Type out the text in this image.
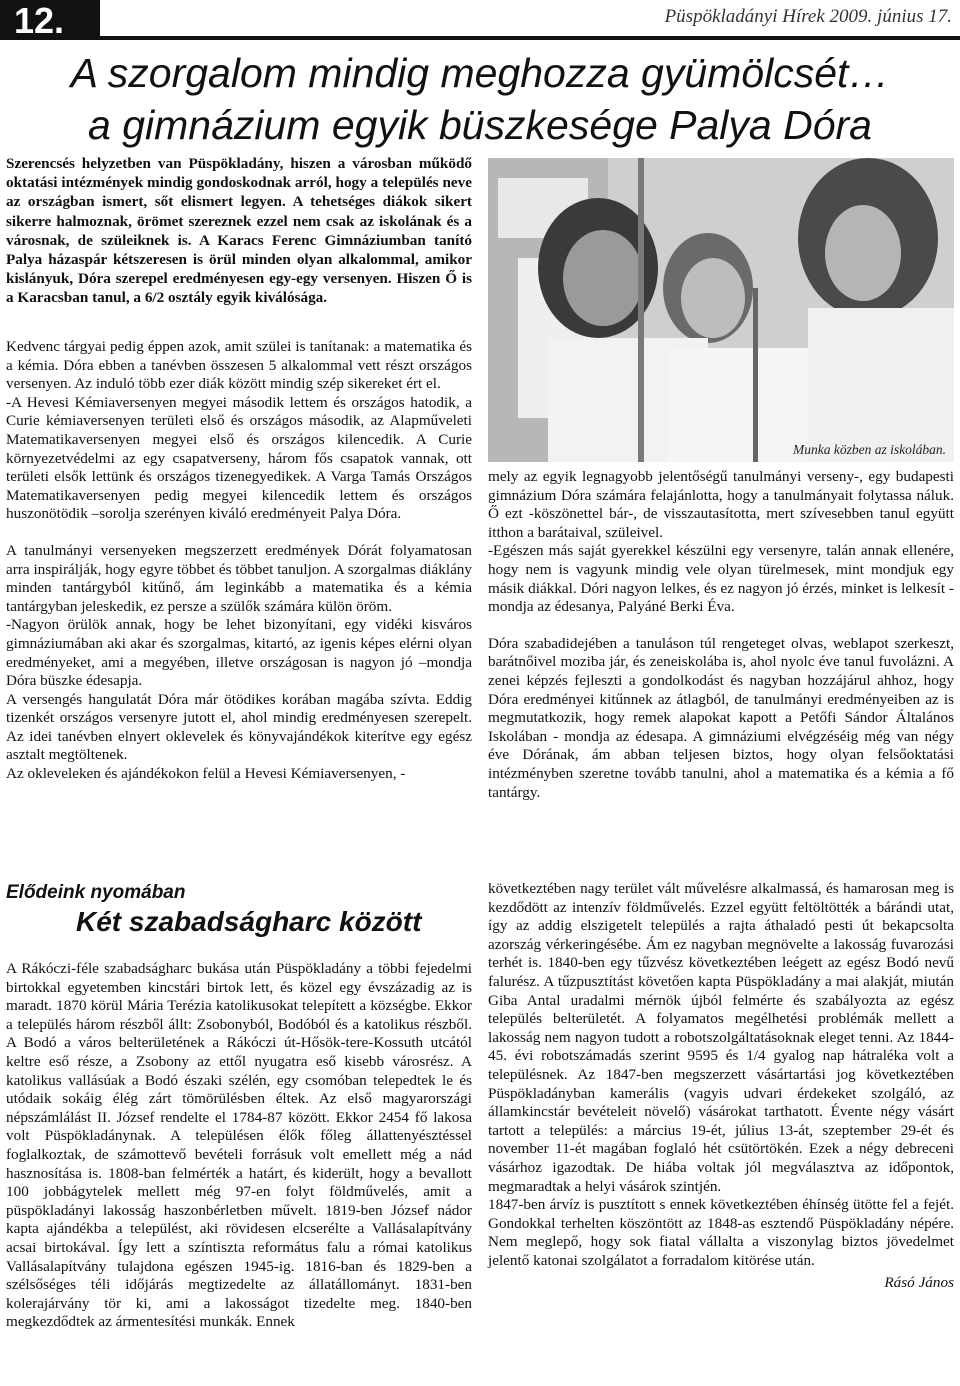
12.	Püspökladányi Hírek 2009. június 17.
A szorgalom mindig meghozza gyümölcsét…
a gimnázium egyik büszkesége Palya Dóra
Szerencsés helyzetben van Püspökladány, hiszen a városban működő oktatási intézmények mindig gondoskodnak arról, hogy a település neve az országban ismert, sőt elismert legyen. A tehetséges diákok sikert sikerre halmoznak, örömet szereznek ezzel nem csak az iskolának és a városnak, de szüleiknek is. A Karacs Ferenc Gimnáziumban tanító Palya házaspár kétszeresen is örül minden olyan alkalommal, amikor kislányuk, Dóra szerepel eredményesen egy-egy versenyen. Hiszen Ő is a Karacsban tanul, a 6/2 osztály egyik kiválósága.

Kedvenc tárgyai pedig éppen azok, amit szülei is tanítanak: a matematika és a kémia. Dóra ebben a tanévben összesen 5 alkalommal vett részt országos versenyen. Az induló több ezer diák között mindig szép sikereket ért el.

-A Hevesi Kémiaversenyen megyei második lettem és országos hatodik, a Curie kémiaversenyen területi első és országos második, az Alapműveleti Matematikaversenyen megyei első és országos kilencedik. A Curie környezetvédelmi az egy csapatverseny, három fős csapatok vannak, ott területi elsők lettünk és országos tizenegyedikek. A Varga Tamás Országos Matematikaversenyen pedig megyei kilencedik lettem és országos huszonötödik –sorolja szerényen kiváló eredményeit Palya Dóra.

A tanulmányi versenyeken megszerzett eredmények Dórát folyamatosan arra inspirálják, hogy egyre többet és többet tanuljon. A szorgalmas diáklány minden tantárgyból kitűnő, ám leginkább a matematika és a kémia tantárgyban jeleskedik, ez persze a szülők számára külön öröm.

-Nagyon örülök annak, hogy be lehet bizonyítani, egy vidéki kisváros gimnáziumában aki akar és szorgalmas, kitartó, az igenis képes elérni olyan eredményeket, ami a megyében, illetve országosan is nagyon jó –mondja Dóra büszke édesapja.

A versengés hangulatát Dóra már ötödikes korában magába szívta. Eddig tizenkét országos versenyre jutott el, ahol mindig eredményesen szerepelt. Az idei tanévben elnyert oklevelek és könyvajándékok kiterítve egy egész asztalt megtöltenek.

Az okleveleken és ajándékokon felül a Hevesi Kémiaversenyen, -

Munka közben az iskolában.

mely az egyik legnagyobb jelentőségű tanulmányi verseny-, egy budapesti gimnázium Dóra számára felajánlotta, hogy a tanulmányait folytassa náluk. Ő ezt -köszönettel bár-, de visszautasította, mert szívesebben tanul együtt itthon a barátaival, szüleivel.

-Egészen más saját gyerekkel készülni egy versenyre, talán annak ellenére, hogy nem is vagyunk mindig vele olyan türelmesek, mint mondjuk egy másik diákkal. Dóri nagyon lelkes, és ez nagyon jó érzés, minket is lelkesít -mondja az édesanya, Palyáné Berki Éva.

Dóra szabadidejében a tanuláson túl rengeteget olvas, weblapot szerkeszt, barátnőivel moziba jár, és zeneiskolába is, ahol nyolc éve tanul fuvolázni. A zenei képzés fejleszti a gondolkodást és nagyban hozzájárul ahhoz, hogy Dóra eredményei kitűnnek az átlagból, de tanulmányi eredményeiben az is megmutatkozik, hogy remek alapokat kapott a Petőfi Sándor Általános Iskolában - mondja az édesapa. A gimnáziumi elvégzéséig még van négy éve Dórának, ám abban teljesen biztos, hogy olyan felsőoktatási intézményben szeretne tovább tanulni, ahol a matematika és a kémia a fő tantárgy.

Elődeink nyomában
Két szabadságharc között

A Rákóczi-féle szabadságharc bukása után Püspökladány a többi fejedelmi birtokkal egyetemben kincstári birtok lett, és közel egy évszázadig az is maradt. 1870 körül Mária Terézia katolikusokat telepített a községbe. Ekkor a település három részből állt: Zsobonyból, Bodóból és a katolikus részből. A Bodó a város belterületének a Rákóczi út-Hősök-tere-Kossuth utcától keltre eső része, a Zsobony az ettől nyugatra eső kisebb városrész. A katolikus vallásúak a Bodó északi szélén, egy csomóban telepedtek le és utódaik sokáig élég zárt tömörülésben éltek. Az első magyarországi népszámlálást II. József rendelte el 1784-87 között. Ekkor 2454 fő lakosa volt Püspökladánynak. A településen élők főleg állattenyésztéssel foglalkoztak, de számottevő bevételi forrásuk volt emellett még a nád hasznosítása is. 1808-ban felmérték a határt, és kiderült, hogy a bevallott 100 jobbágytelek mellett még 97-en folyt földművelés, amit a püspökladányi lakosság haszonbérletben művelt. 1819-ben József nádor kapta ajándékba a települést, aki rövidesen elcserélte a Vallásalapítvány acsai birtokával. Így lett a színtiszta református falu a római katolikus Vallásalapítvány tulajdona egészen 1945-ig. 1816-ban és 1829-ben a szélsőséges téli időjárás megtizedelte az állatállományt. 1831-ben kolerajárvány tör ki, ami a lakosságot tizedelte meg. 1840-ben megkezdődtek az ármentesítési munkák. Ennek

következtében nagy terület vált művelésre alkalmassá, és hamarosan meg is kezdődött az intenzív földművelés. Ezzel együtt feltöltötték a bárándi utat, így az addig elszigetelt település a rajta áthaladó pesti út bekapcsolta azország vérkeringésébe. Ám ez nagyban megnövelte a lakosság fuvarozási terhét is. 1840-ben egy tűzvész következtében leégett az egész Bodó nevű falurész. A tűzpusztítást követően kapta Püspökladány a mai alakját, miután Giba Antal uradalmi mérnök újból felmérte és szabályozta az egész település belterületét. A folyamatos megélhetési problémák mellett a lakosság nem nagyon tudott a robotszolgáltatásoknak eleget tenni. Az 1844-45. évi robotszámadás szerint 9595 és 1/4 gyalog nap hátraléka volt a településnek. Az 1847-ben megszerzett vásártartási jog következtében Püspökladányban kamerális (vagyis udvari érdekeket szolgáló, az államkincstár bevételeit növelő) vásárokat tarthatott. Évente négy vásárt tartott a település: a március 19-ét, július 13-át, szeptember 29-ét és november 11-ét magában foglaló hét csütörtökén. Ezek a négy debreceni vásárhoz igazodtak. De hiába voltak jól megválasztva az időpontok, megmaradtak a helyi vásárok szintjén.

1847-ben árvíz is pusztított s ennek következtében éhínség ütötte fel a fejét. Gondokkal terhelten köszöntött az 1848-as esztendő Püspökladány népére. Nem meglepő, hogy sok fiatal vállalta a viszonylag biztos jövedelmet jelentő katonai szolgálatot a forradalom kitörése után.

Rásó János
